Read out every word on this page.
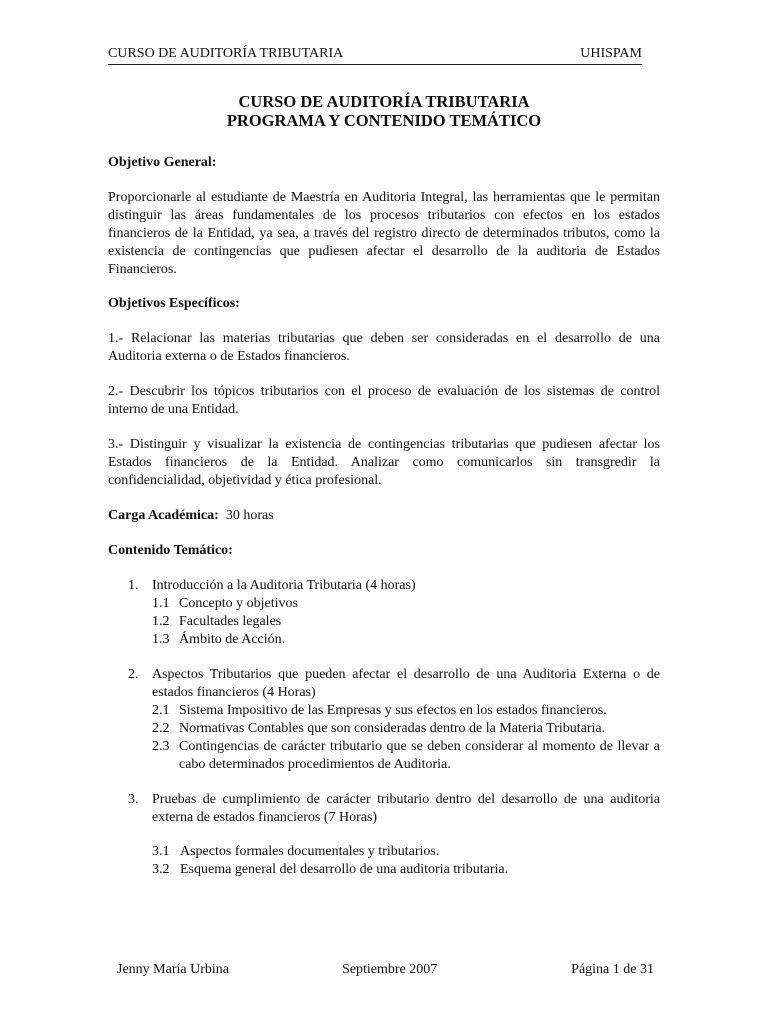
CURSO DE AUDITORÍA TRIBUTARIA	UHISPAM
CURSO DE AUDITORÍA TRIBUTARIA
PROGRAMA Y CONTENIDO TEMÁTICO

Objetivo General:

Proporcionarle al estudiante de Maestría en Auditoria Integral, las herramientas que le permitan distinguir las áreas fundamentales de los procesos tributarios con efectos en los estados financieros de la Entidad, ya sea, a través del registro directo de determinados tributos, como la existencia de contingencias que pudiesen afectar el desarrollo de la auditoria de Estados Financieros.

Objetivos Específicos:

1.- Relacionar las materias tributarias que deben ser consideradas en el desarrollo de una Auditoria externa o de Estados financieros.

2.- Descubrir los tópicos tributarios con el proceso de evaluación de los sistemas de control interno de una Entidad.

3.- Distinguir y visualizar la existencia de contingencias tributarias que pudiesen afectar los Estados financieros de la Entidad. Analizar como comunicarlos sin transgredir la confidencialidad, objetividad y ética profesional.

Carga Académica: 30 horas

Contenido Temático:

1. Introducción a la Auditoria Tributaria (4 horas)
1.1 Concepto y objetivos
1.2 Facultades legales
1.3 Ámbito de Acción.
2. Aspectos Tributarios que pueden afectar el desarrollo de una Auditoria Externa o de estados financieros (4 Horas)
2.1 Sistema Impositivo de las Empresas y sus efectos en los estados financieros.
2.2 Normativas Contables que son consideradas dentro de la Materia Tributaria.
2.3 Contingencias de carácter tributario que se deben considerar al momento de llevar a cabo determinados procedimientos de Auditoria.
3. Pruebas de cumplimiento de carácter tributario dentro del desarrollo de una auditoria externa de estados financieros (7 Horas)
3.1 Aspectos formales documentales y tributarios.
3.2 Esquema general del desarrollo de una auditoria tributaria.
Jenny María Urbina	Septiembre 2007	Página 1 de 31
